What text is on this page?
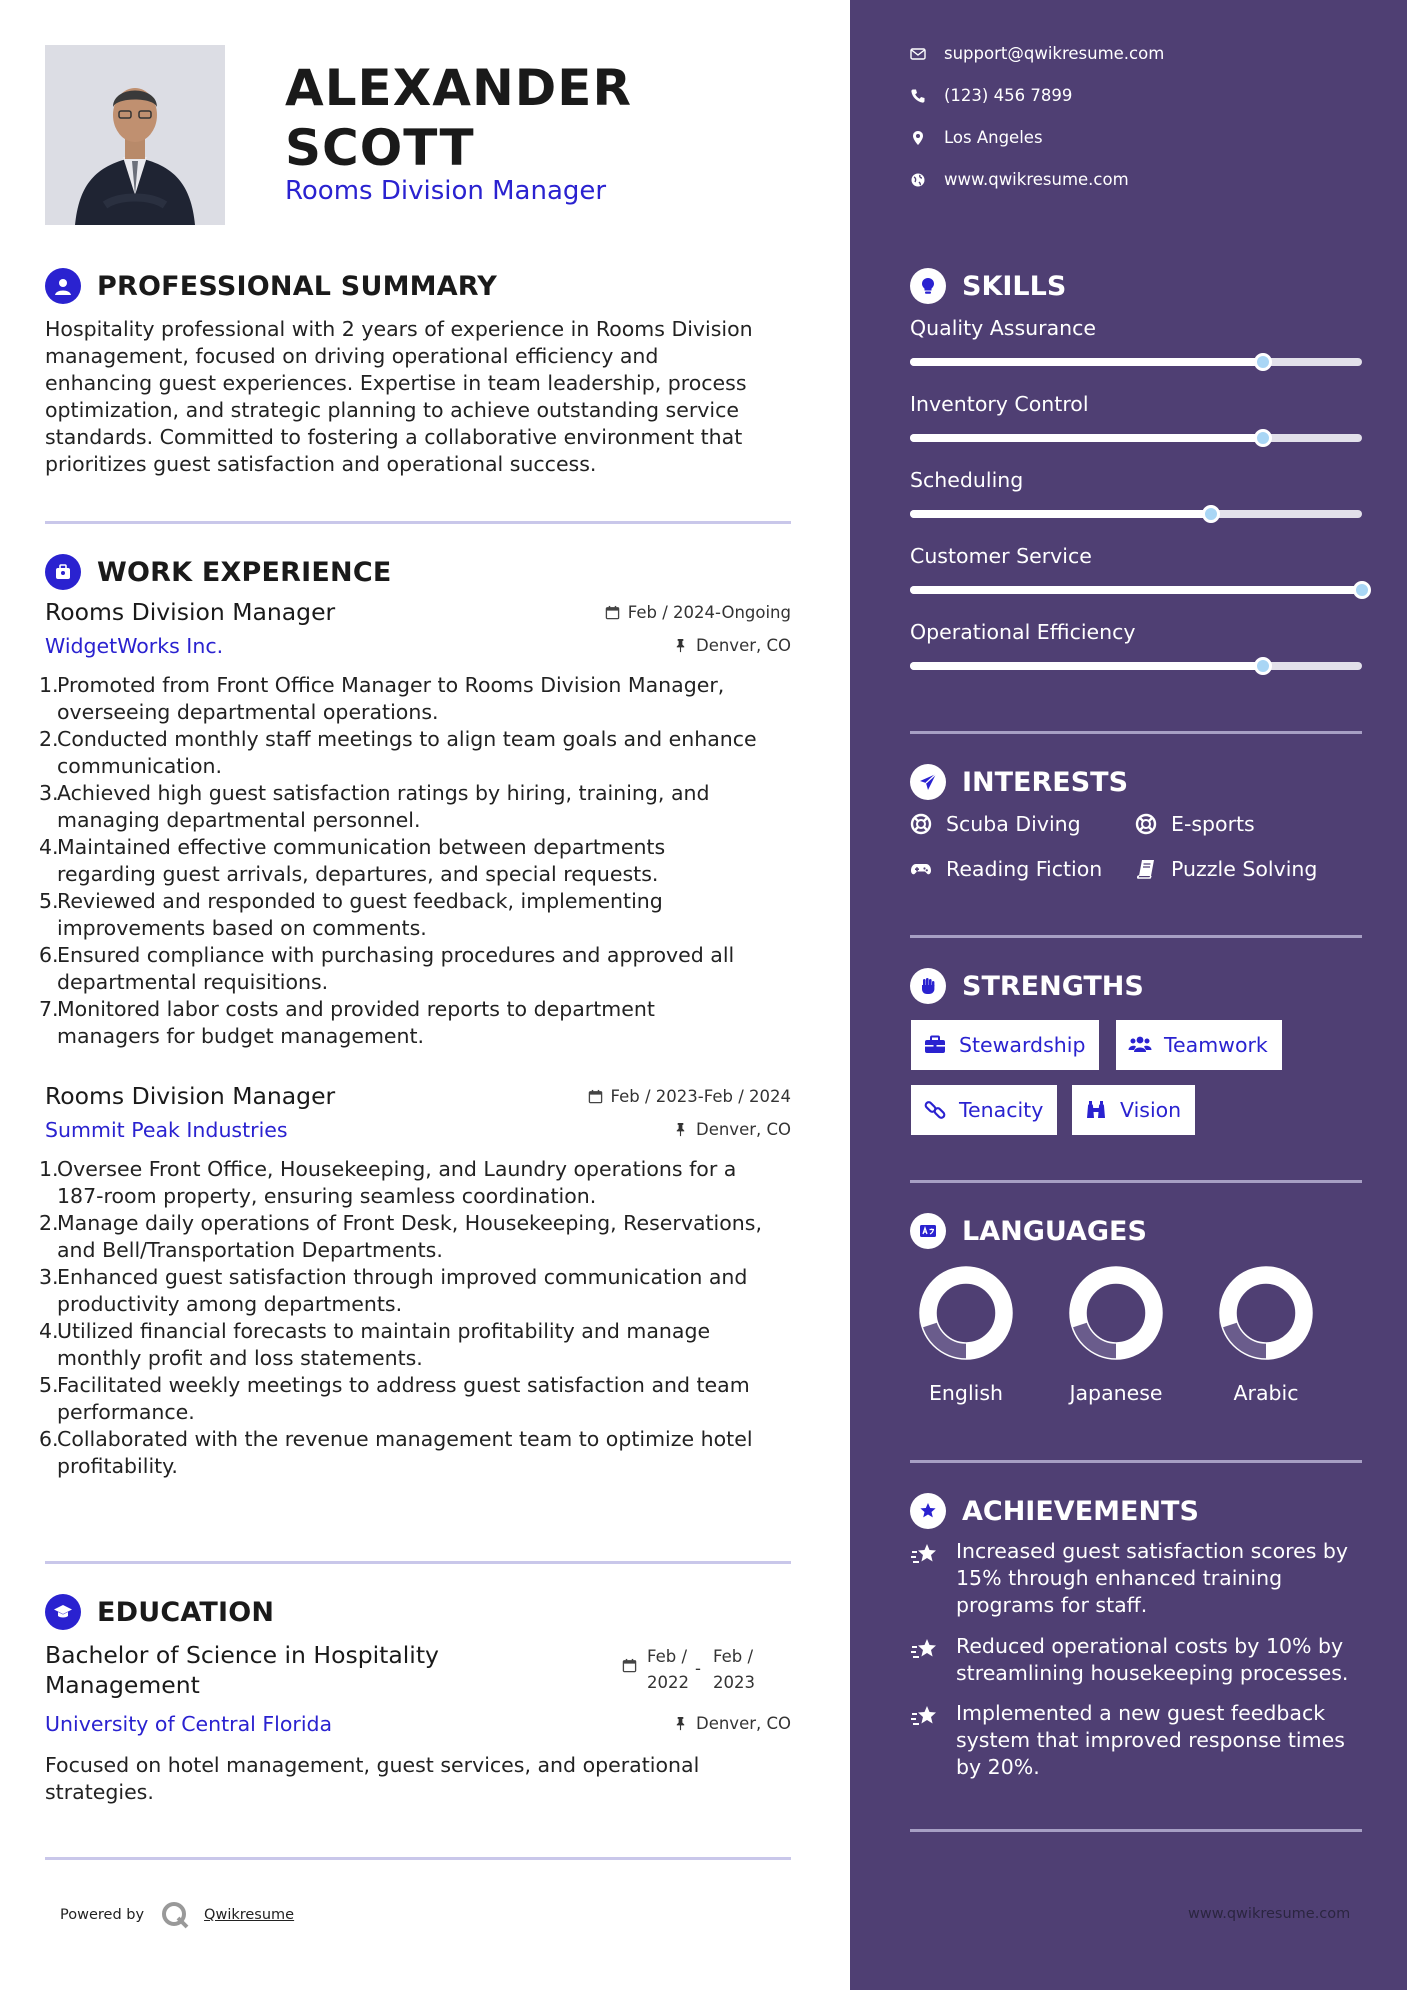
ALEXANDER
SCOTT
Rooms Division Manager
PROFESSIONAL SUMMARY
Hospitality professional with 2 years of experience in Rooms Division
management, focused on driving operational efficiency and
enhancing guest experiences. Expertise in team leadership, process
optimization, and strategic planning to achieve outstanding service
standards. Committed to fostering a collaborative environment that
prioritizes guest satisfaction and operational success.
WORK EXPERIENCE
Rooms Division Manager	Feb / 2024-Ongoing
WidgetWorks Inc.	Denver, CO
1.
Promoted from Front Office Manager to Rooms Division Manager,
overseeing departmental operations.
2.
Conducted monthly staff meetings to align team goals and enhance
communication.
3.
Achieved high guest satisfaction ratings by hiring, training, and
managing departmental personnel.
4.
Maintained effective communication between departments
regarding guest arrivals, departures, and special requests.
5.
Reviewed and responded to guest feedback, implementing
improvements based on comments.
6.
Ensured compliance with purchasing procedures and approved all
departmental requisitions.
7.
Monitored labor costs and provided reports to department
managers for budget management.
Rooms Division Manager	Feb / 2023-Feb / 2024
Summit Peak Industries	Denver, CO
1.
Oversee Front Office, Housekeeping, and Laundry operations for a
187-room property, ensuring seamless coordination.
2.
Manage daily operations of Front Desk, Housekeeping, Reservations,
and Bell/Transportation Departments.
3.
Enhanced guest satisfaction through improved communication and
productivity among departments.
4.
Utilized financial forecasts to maintain profitability and manage
monthly profit and loss statements.
5.
Facilitated weekly meetings to address guest satisfaction and team
performance.
6.
Collaborated with the revenue management team to optimize hotel
profitability.
EDUCATION
Bachelor of Science in Hospitality
Management
Feb /
2022
-
Feb /
2023
University of Central Florida	Denver, CO
Focused on hotel management, guest services, and operational
strategies.
Powered by	Qwikresume
support@qwikresume.com
(123) 456 7899
Los Angeles
www.qwikresume.com
SKILLS
Quality Assurance
Inventory Control
Scheduling
Customer Service
Operational Efficiency
INTERESTS
Scuba Diving	E-sports
Reading Fiction	Puzzle Solving
STRENGTHS
Stewardship	Teamwork
Tenacity	Vision
LANGUAGES
English	Japanese	Arabic
ACHIEVEMENTS
Increased guest satisfaction scores by
15% through enhanced training
programs for staff.
Reduced operational costs by 10% by
streamlining housekeeping processes.
Implemented a new guest feedback
system that improved response times
by 20%.
www.qwikresume.com
